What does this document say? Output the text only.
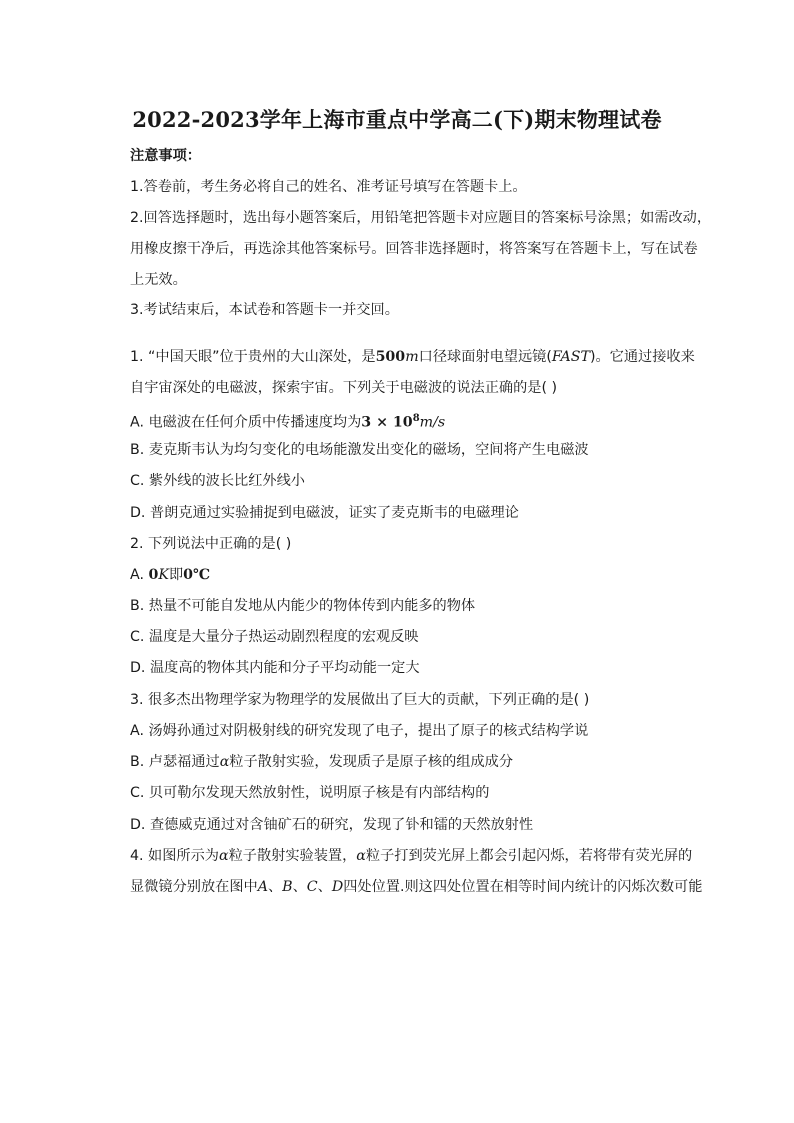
2022-2023学年上海市重点中学高二(下)期末物理试卷
注意事项：
1.答卷前，考生务必将自己的姓名、准考证号填写在答题卡上。
2.回答选择题时，选出每小题答案后，用铅笔把答题卡对应题目的答案标号涂黑；如需改动，
用橡皮擦干净后，再选涂其他答案标号。回答非选择题时，将答案写在答题卡上，写在试卷
上无效。
3.考试结束后，本试卷和答题卡一并交回。
1. “中国天眼”位于贵州的大山深处，是500m口径球面射电望远镜(FAST)。它通过接收来
自宇宙深处的电磁波，探索宇宙。下列关于电磁波的说法正确的是( )
A. 电磁波在任何介质中传播速度均为$3 \times 10^8m/s$
B. 麦克斯韦认为均匀变化的电场能激发出变化的磁场，空间将产生电磁波
C. 紫外线的波长比红外线小
D. 普朗克通过实验捕捉到电磁波，证实了麦克斯韦的电磁理论
2. 下列说法中正确的是( )
A. 0K即0℃
B. 热量不可能自发地从内能少的物体传到内能多的物体
C. 温度是大量分子热运动剧烈程度的宏观反映
D. 温度高的物体其内能和分子平均动能一定大
3. 很多杰出物理学家为物理学的发展做出了巨大的贡献，下列正确的是( )
A. 汤姆孙通过对阴极射线的研究发现了电子，提出了原子的核式结构学说
B. 卢瑟福通过α粒子散射实验，发现质子是原子核的组成成分
C. 贝可勒尔发现天然放射性，说明原子核是有内部结构的
D. 查德威克通过对含铀矿石的研究，发现了钋和镭的天然放射性
4. 如图所示为α粒子散射实验装置，α粒子打到荧光屏上都会引起闪烁，若将带有荧光屏的
显微镜分别放在图中A、B、C、D四处位置.则这四处位置在相等时间内统计的闪烁次数可能
